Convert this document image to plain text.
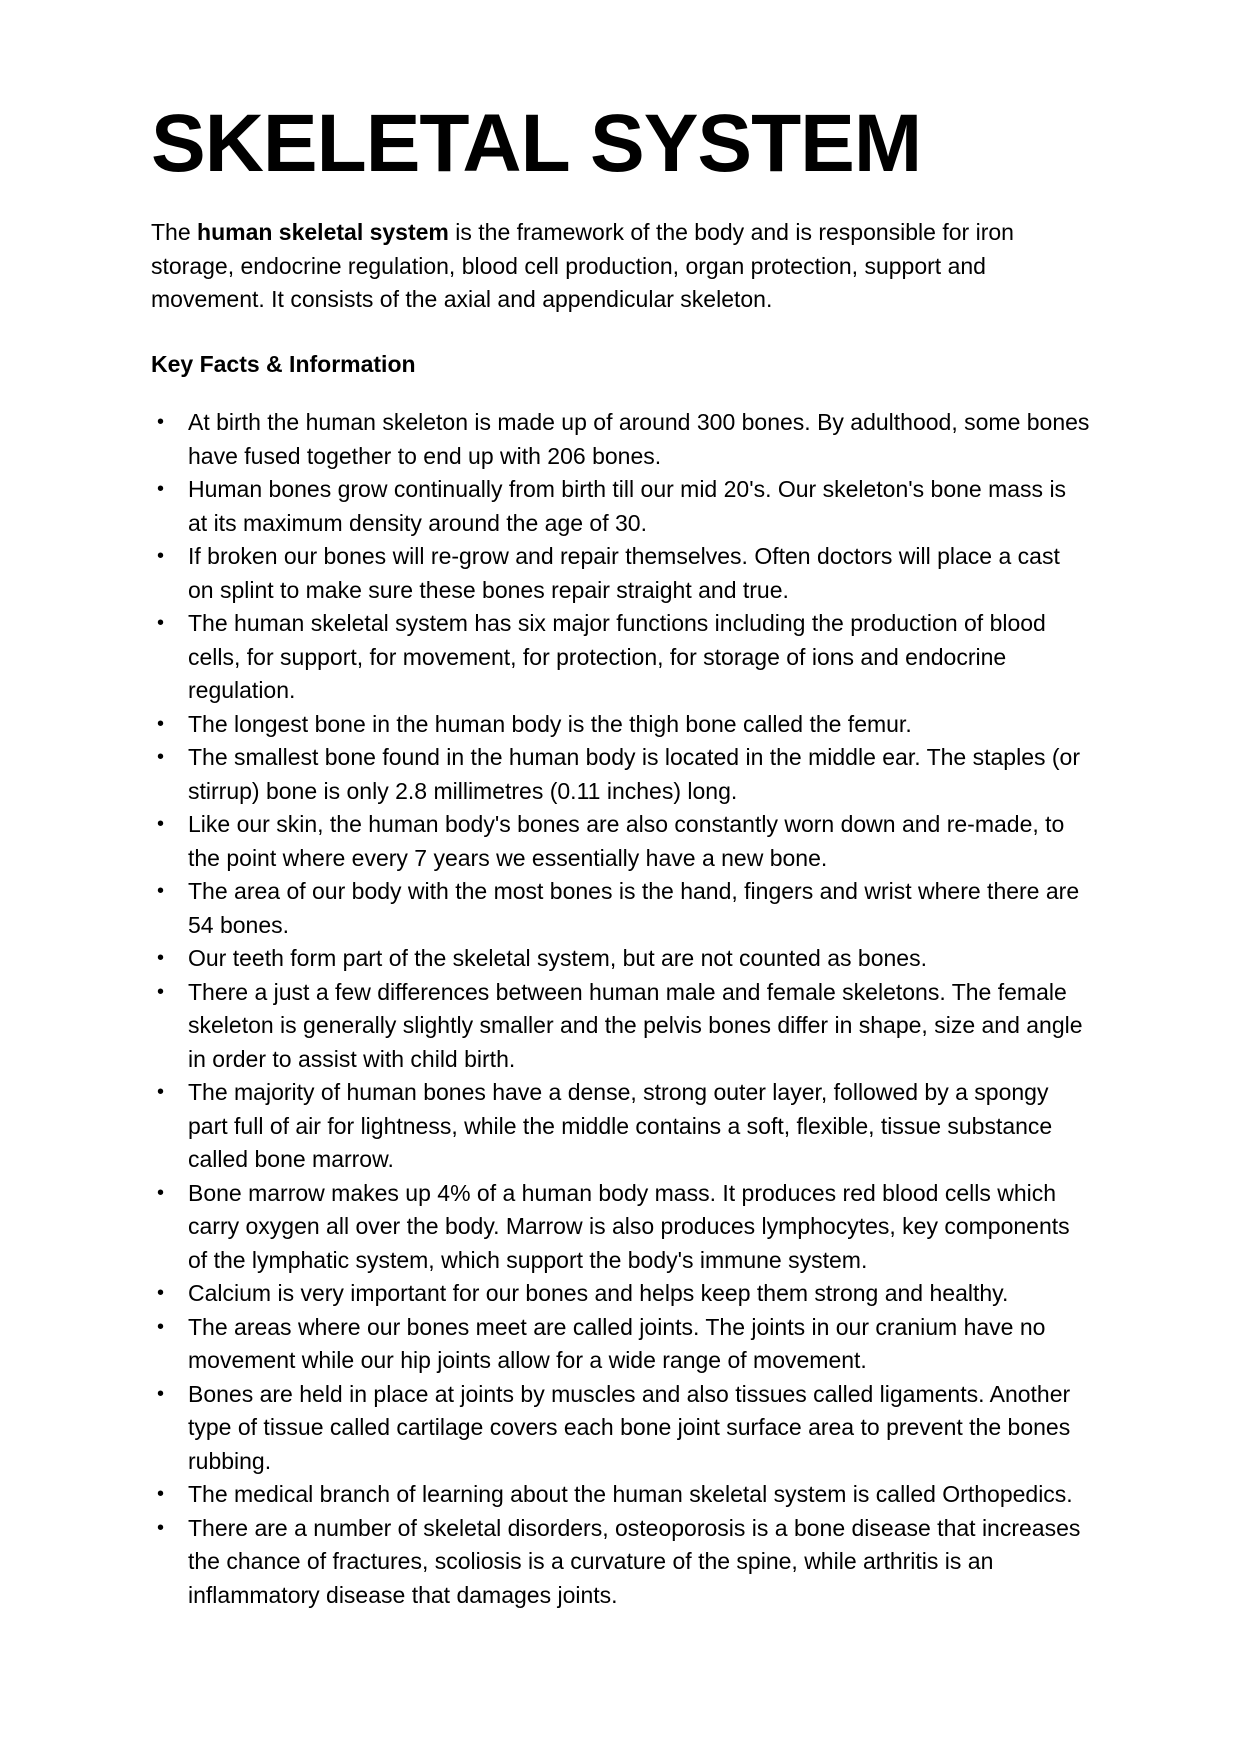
SKELETAL SYSTEM

The human skeletal system is the framework of the body and is responsible for iron storage, endocrine regulation, blood cell production, organ protection, support and movement. It consists of the axial and appendicular skeleton.

Key Facts & Information
• At birth the human skeleton is made up of around 300 bones. By adulthood, some bones have fused together to end up with 206 bones.
• Human bones grow continually from birth till our mid 20's. Our skeleton's bone mass is at its maximum density around the age of 30.
• If broken our bones will re-grow and repair themselves. Often doctors will place a cast on splint to make sure these bones repair straight and true.
• The human skeletal system has six major functions including the production of blood cells, for support, for movement, for protection, for storage of ions and endocrine regulation.
• The longest bone in the human body is the thigh bone called the femur.
• The smallest bone found in the human body is located in the middle ear. The staples (or stirrup) bone is only 2.8 millimetres (0.11 inches) long.
• Like our skin, the human body's bones are also constantly worn down and re-made, to the point where every 7 years we essentially have a new bone.
• The area of our body with the most bones is the hand, fingers and wrist where there are 54 bones.
• Our teeth form part of the skeletal system, but are not counted as bones.
• There a just a few differences between human male and female skeletons. The female skeleton is generally slightly smaller and the pelvis bones differ in shape, size and angle in order to assist with child birth.
• The majority of human bones have a dense, strong outer layer, followed by a spongy part full of air for lightness, while the middle contains a soft, flexible, tissue substance called bone marrow.
• Bone marrow makes up 4% of a human body mass. It produces red blood cells which carry oxygen all over the body. Marrow is also produces lymphocytes, key components of the lymphatic system, which support the body's immune system.
• Calcium is very important for our bones and helps keep them strong and healthy.
• The areas where our bones meet are called joints. The joints in our cranium have no movement while our hip joints allow for a wide range of movement.
• Bones are held in place at joints by muscles and also tissues called ligaments. Another type of tissue called cartilage covers each bone joint surface area to prevent the bones rubbing.
• The medical branch of learning about the human skeletal system is called Orthopedics.
• There are a number of skeletal disorders, osteoporosis is a bone disease that increases the chance of fractures, scoliosis is a curvature of the spine, while arthritis is an inflammatory disease that damages joints.
